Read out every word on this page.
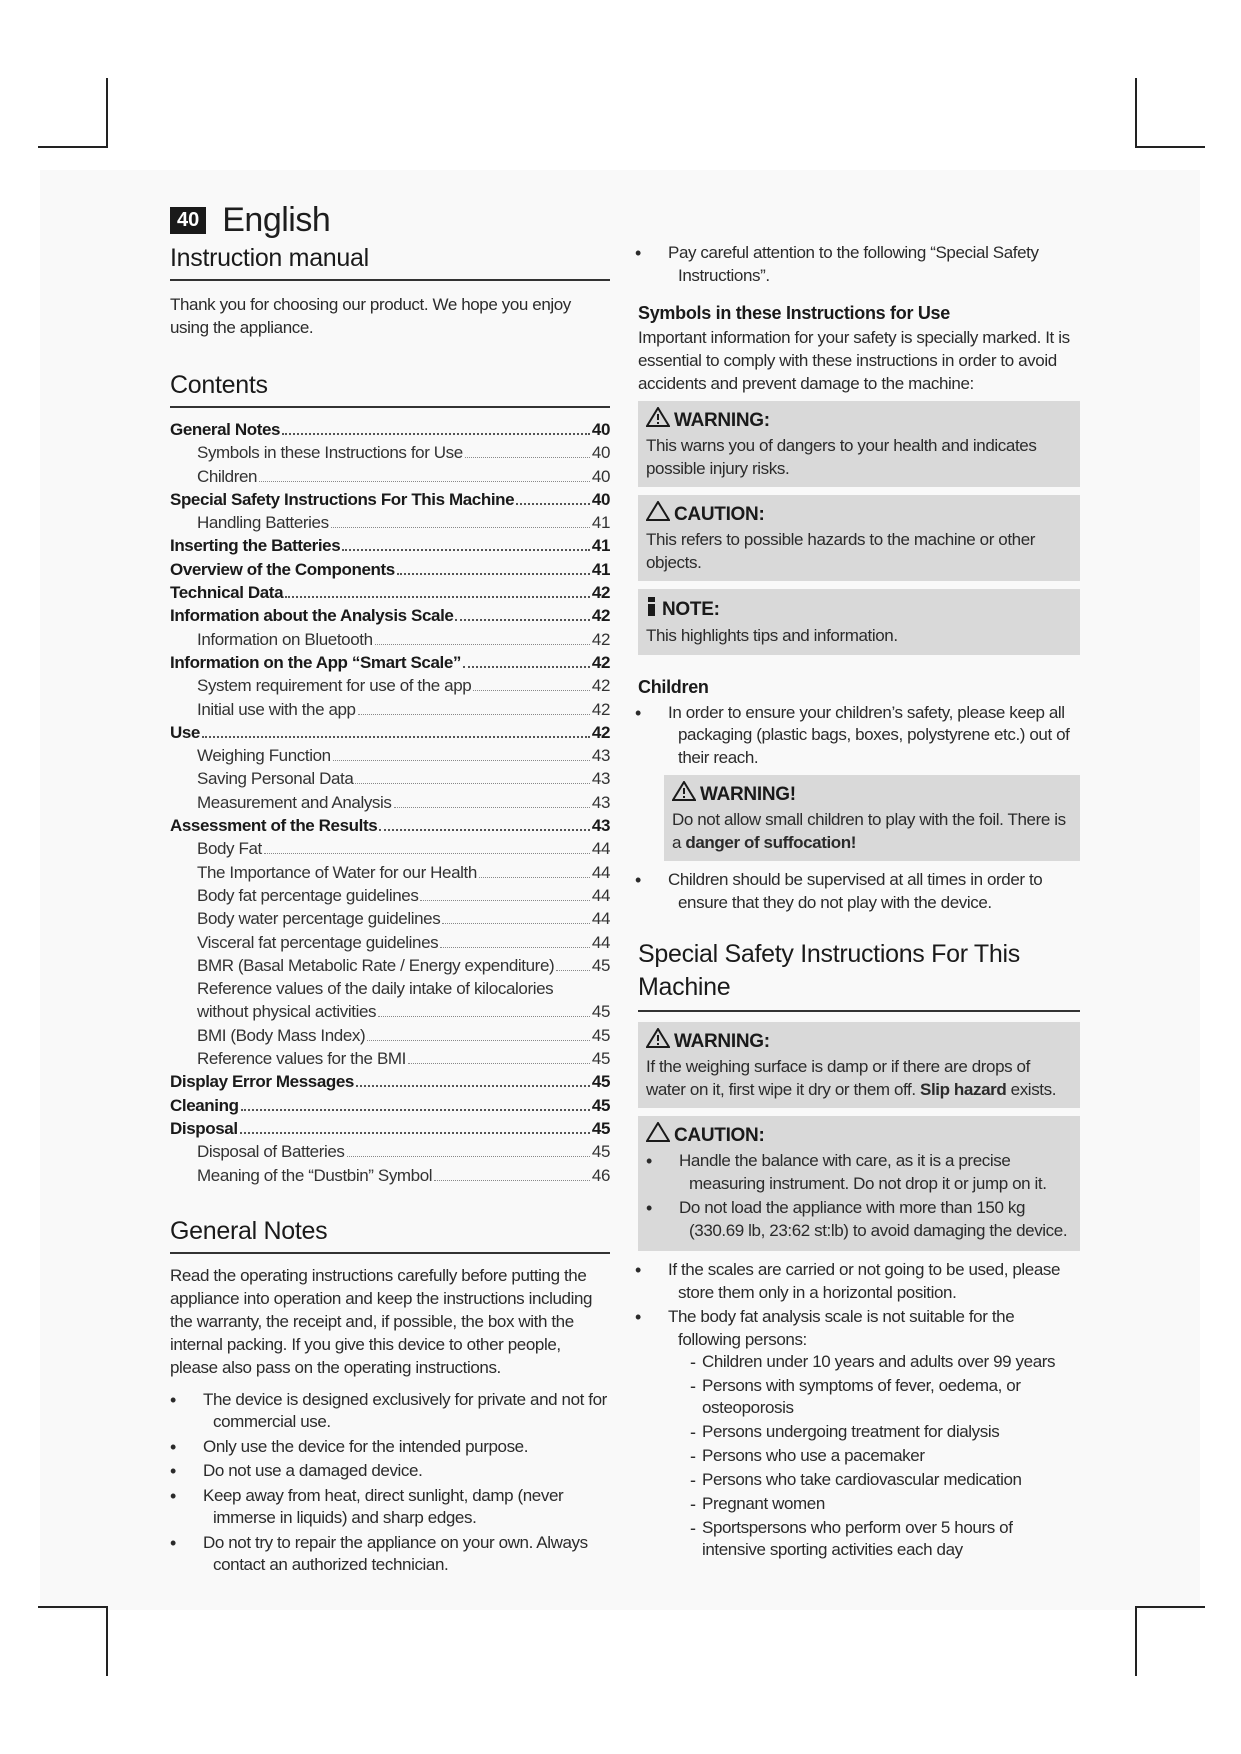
40 English
Instruction manual
Thank you for choosing our product. We hope you enjoy using the appliance.
Contents
General Notes	40
Symbols in these Instructions for Use	40
Children	40
Special Safety Instructions For This Machine	40
Handling Batteries	41
Inserting the Batteries	41
Overview of the Components	41
Technical Data	42
Information about the Analysis Scale	42
Information on Bluetooth	42
Information on the App “Smart Scale”	42
System requirement for use of the app	42
Initial use with the app	42
Use	42
Weighing Function	43
Saving Personal Data	43
Measurement and Analysis	43
Assessment of the Results	43
Body Fat	44
The Importance of Water for our Health	44
Body fat percentage guidelines	44
Body water percentage guidelines	44
Visceral fat percentage guidelines	44
BMR (Basal Metabolic Rate / Energy expenditure) 45
Reference values of the daily intake of kilocalories
without physical activities	45
BMI (Body Mass Index)	45
Reference values for the BMI	45
Display Error Messages	45
Cleaning	45
Disposal	45
Disposal of Batteries	45
Meaning of the “Dustbin” Symbol	46
General Notes
Read the operating instructions carefully before putting the appliance into operation and keep the instructions including the warranty, the receipt and, if possible, the box with the internal packing. If you give this device to other people, please also pass on the operating instructions.
• The device is designed exclusively for private and not for commercial use.
• Only use the device for the intended purpose.
• Do not use a damaged device.
• Keep away from heat, direct sunlight, damp (never immerse in liquids) and sharp edges.
• Do not try to repair the appliance on your own. Always contact an authorized technician.
• Pay careful attention to the following “Special Safety Instructions”.
Symbols in these Instructions for Use
Important information for your safety is specially marked. It is essential to comply with these instructions in order to avoid accidents and prevent damage to the machine:
WARNING:
This warns you of dangers to your health and indicates possible injury risks.
CAUTION:
This refers to possible hazards to the machine or other objects.
NOTE:
This highlights tips and information.
Children
• In order to ensure your children’s safety, please keep all packaging (plastic bags, boxes, polystyrene etc.) out of their reach.
WARNING!
Do not allow small children to play with the foil. There is a danger of suffocation!
• Children should be supervised at all times in order to ensure that they do not play with the device.
Special Safety Instructions For This Machine
WARNING:
If the weighing surface is damp or if there are drops of water on it, first wipe it dry or them off. Slip hazard exists.
CAUTION:
• Handle the balance with care, as it is a precise measuring instrument. Do not drop it or jump on it.
• Do not load the appliance with more than 150 kg (330.69 lb, 23:62 st:lb) to avoid damaging the device.
• If the scales are carried or not going to be used, please store them only in a horizontal position.
• The body fat analysis scale is not suitable for the following persons:
- Children under 10 years and adults over 99 years
- Persons with symptoms of fever, oedema, or osteoporosis
- Persons undergoing treatment for dialysis
- Persons who use a pacemaker
- Persons who take cardiovascular medication
- Pregnant women
- Sportspersons who perform over 5 hours of intensive sporting activities each day
